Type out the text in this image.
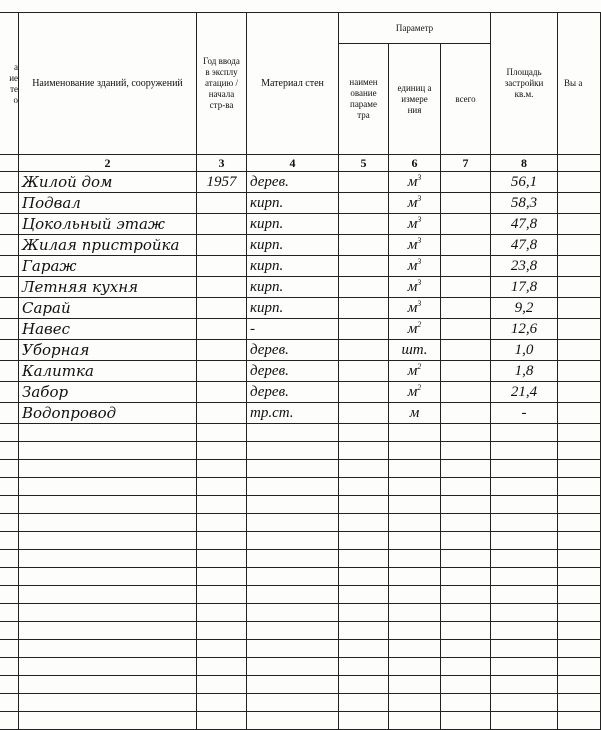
а
ие
те
о	Наименование зданий, сооружений	Год ввода в эксплу атацию /начала стр-ва	Материал стен	Параметр			Площадь застройки кв.м.	Вы а
				наимен ование параме тра	единиц а измере ния	всего		
	2	3	4	5	6	7	8	
	Жилой дом	1957	дерев.		$м^3$		56,1	
	Подвал		кирп.		$м^3$		58,3	
	Цокольный этаж		кирп.		$м^3$		47,8	
	Жилая пристройка		кирп.		$м^3$		47,8	
	Гараж		кирп.		$м^3$		23,8	
	Летняя кухня		кирп.		$м^3$		17,8	
	Сарай		кирп.		$м^3$		9,2	
	Навес		-		$м^2$		12,6	
	Уборная		дерев.		шт.		1,0	
	Калитка		дерев.		$м^2$		1,8	
	Забор		дерев.		$м^2$		21,4	
	Водопровод		тр.ст.		м		-	
